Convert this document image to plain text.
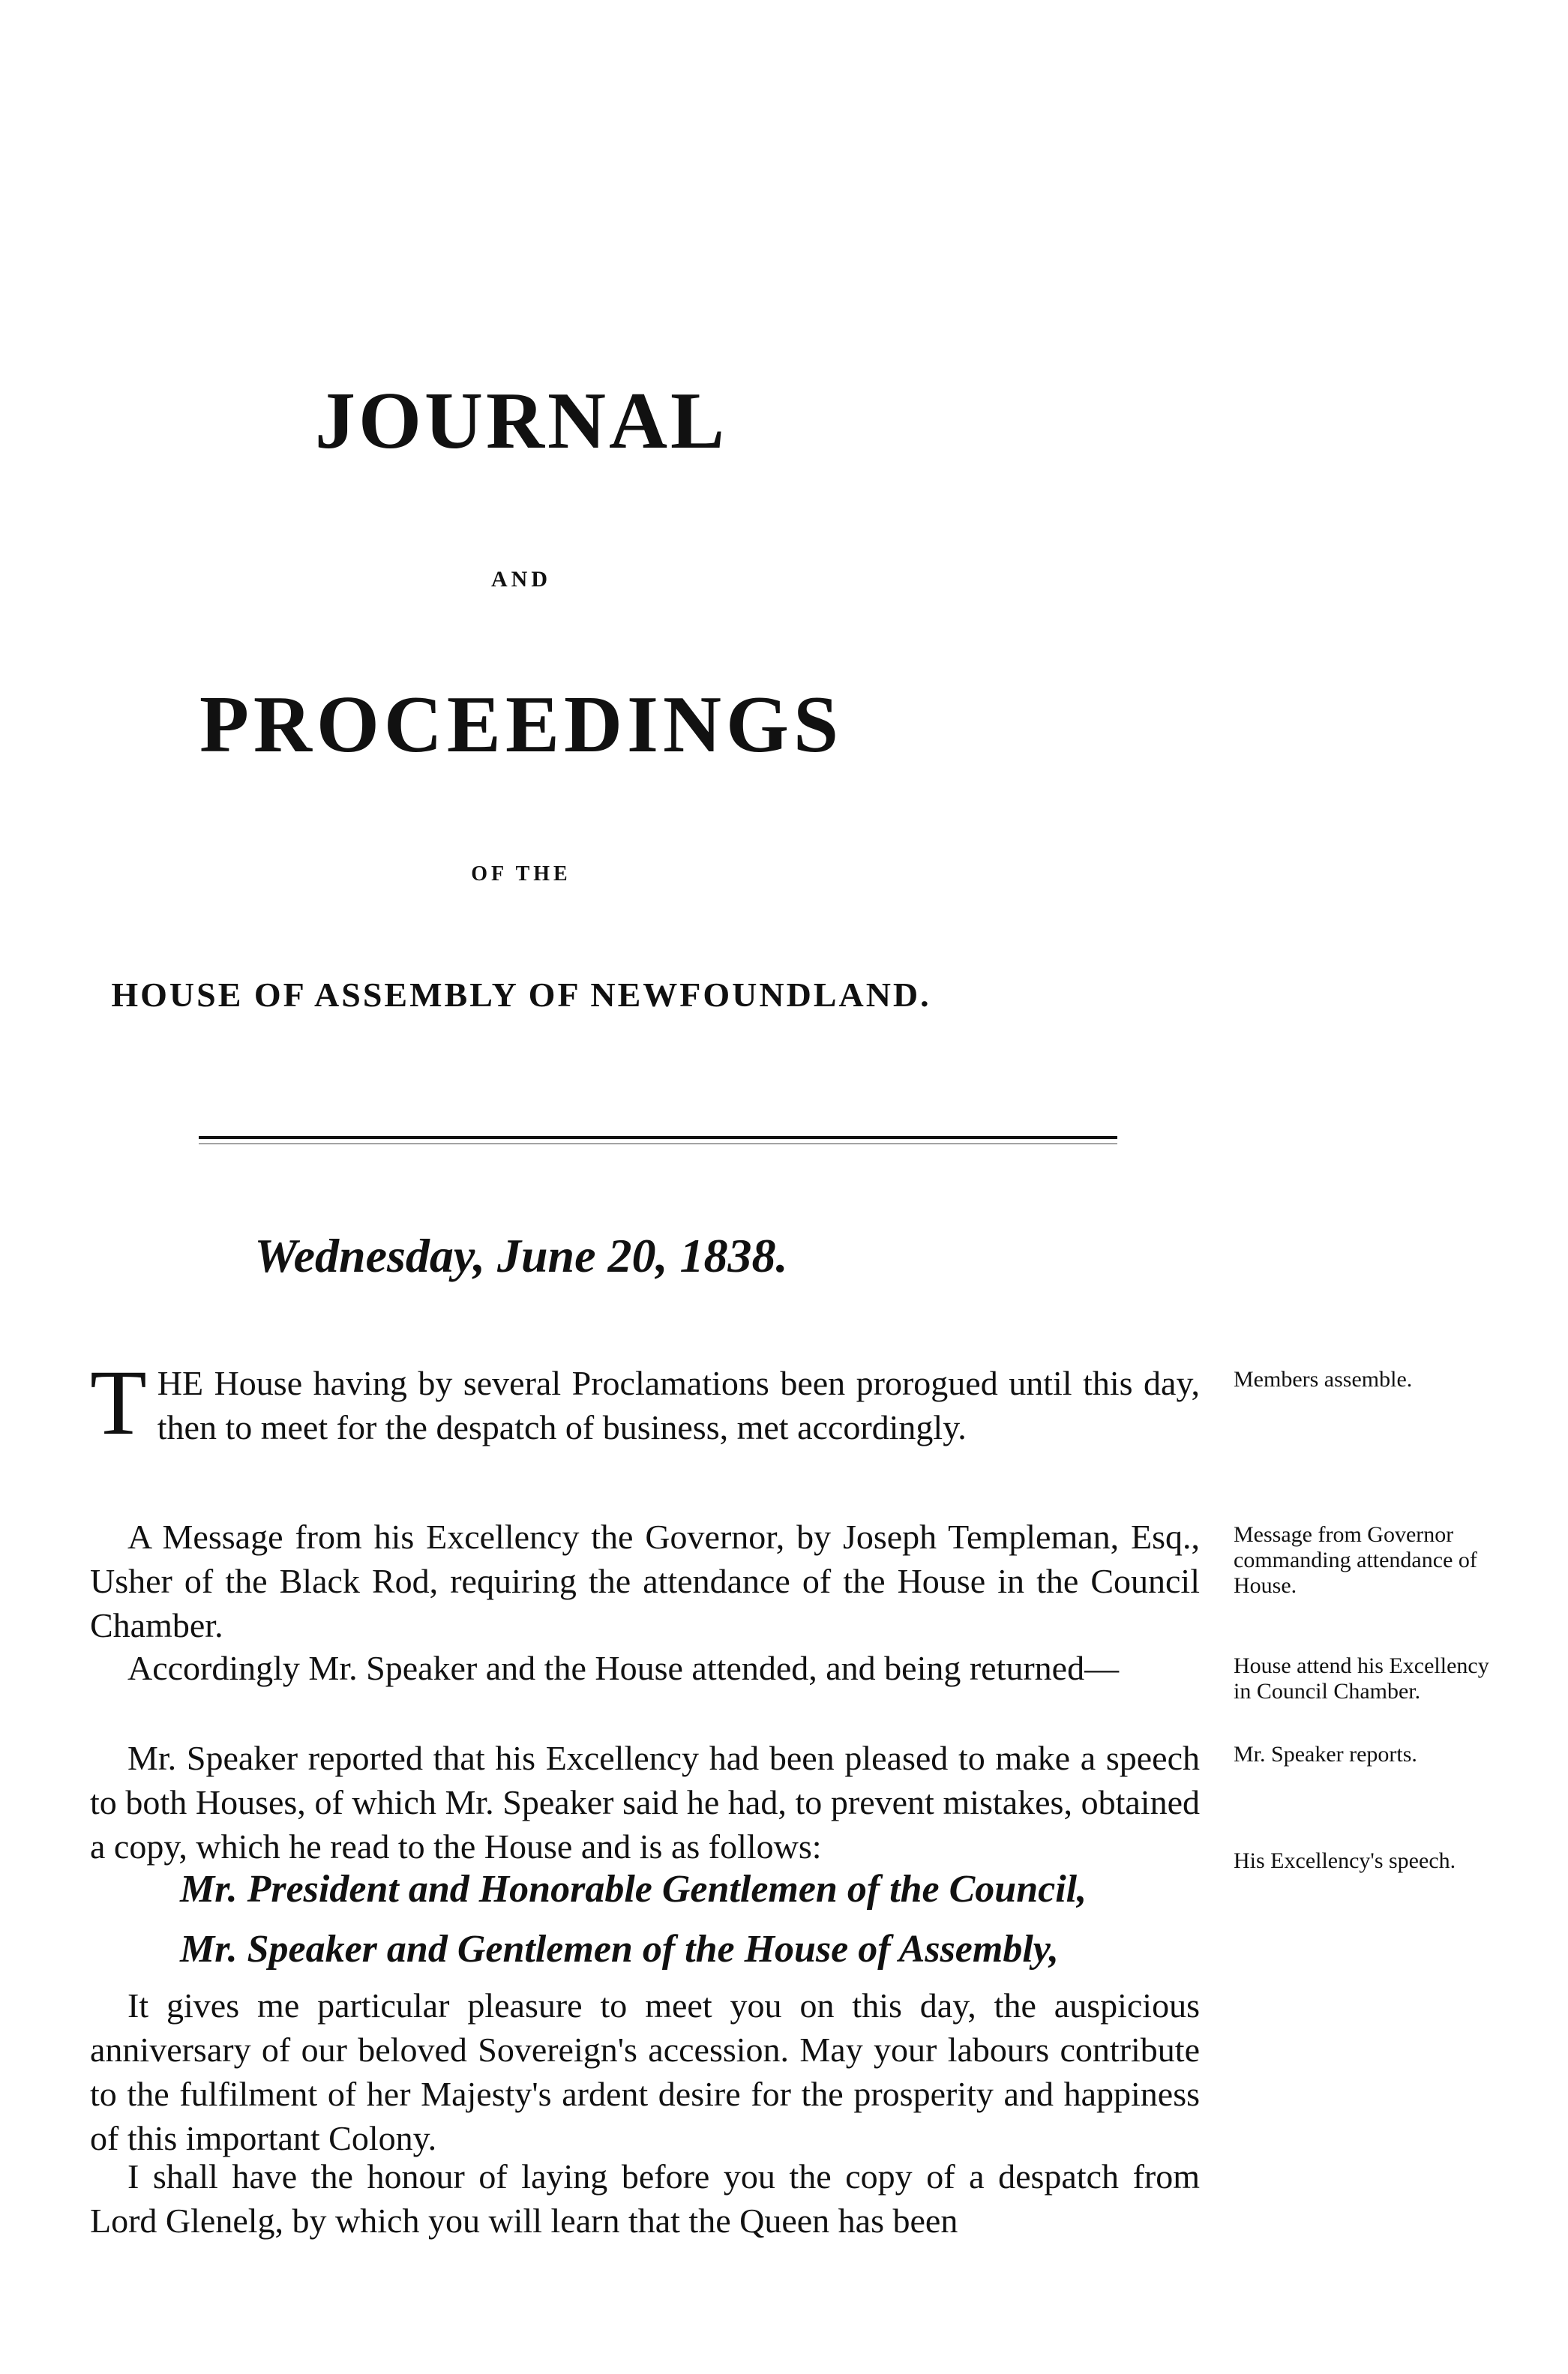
JOURNAL
AND
PROCEEDINGS
OF THE
HOUSE OF ASSEMBLY OF NEWFOUNDLAND.
Wednesday, June 20, 1838.
THE House having by several Proclamations been prorogued until this day, then to meet for the despatch of business, met accordingly.

A Message from his Excellency the Governor, by Joseph Templeman, Esq., Usher of the Black Rod, requiring the attendance of the House in the Council Chamber.

Accordingly Mr. Speaker and the House attended, and being returned—

Mr. Speaker reported that his Excellency had been pleased to make a speech to both Houses, of which Mr. Speaker said he had, to prevent mistakes, obtained a copy, which he read to the House and is as follows:

Mr. President and Honorable Gentlemen of the Council,
Mr. Speaker and Gentlemen of the House of Assembly,

It gives me particular pleasure to meet you on this day, the auspicious anniversary of our beloved Sovereign's accession. May your labours contribute to the fulfilment of her Majesty's ardent desire for the prosperity and happiness of this important Colony.

I shall have the honour of laying before you the copy of a despatch from Lord Glenelg, by which you will learn that the Queen has been

Members assemble.
Message from Governor commanding attendance of House.
House attend his Excellency in Council Chamber.
Mr. Speaker reports.
His Excellency's speech.
